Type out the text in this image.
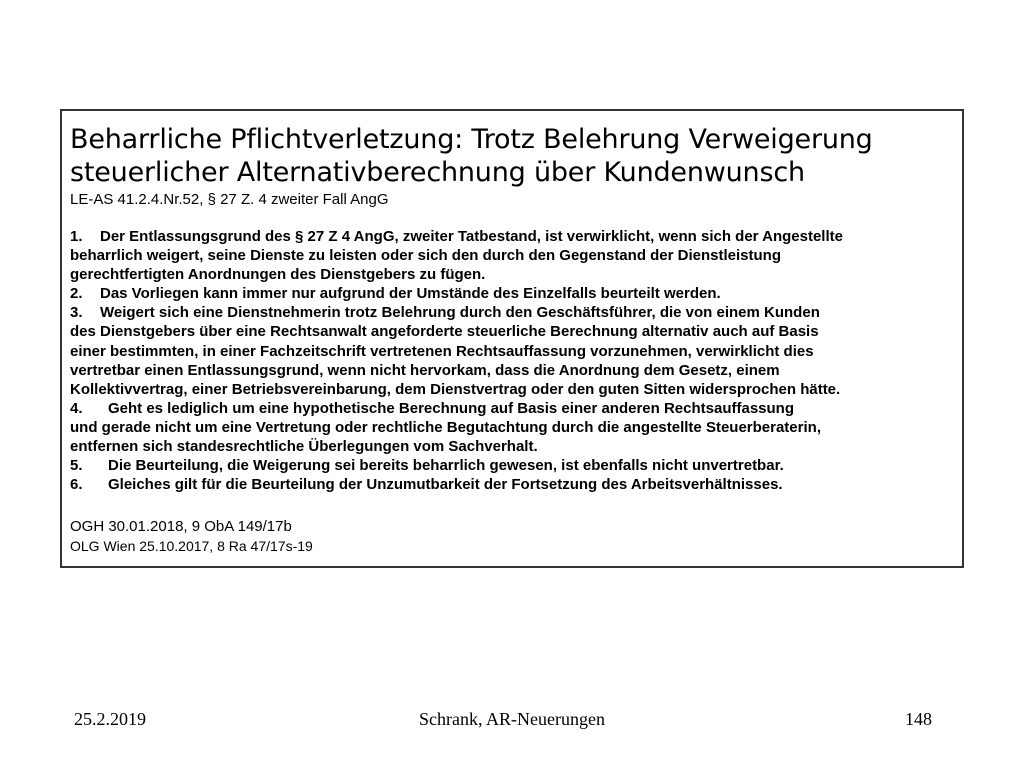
Beharrliche Pflichtverletzung: Trotz Belehrung Verweigerung
steuerlicher Alternativberechnung über Kundenwunsch
LE-AS 41.2.4.Nr.52, § 27 Z. 4 zweiter Fall AngG
1. Der Entlassungsgrund des § 27 Z 4 AngG, zweiter Tatbestand, ist verwirklicht, wenn sich der Angestellte
beharrlich weigert, seine Dienste zu leisten oder sich den durch den Gegenstand der Dienstleistung
gerechtfertigten Anordnungen des Dienstgebers zu fügen.
2. Das Vorliegen kann immer nur aufgrund der Umstände des Einzelfalls beurteilt werden.
3. Weigert sich eine Dienstnehmerin trotz Belehrung durch den Geschäftsführer, die von einem Kunden
des Dienstgebers über eine Rechtsanwalt angeforderte steuerliche Berechnung alternativ auch auf Basis
einer bestimmten, in einer Fachzeitschrift vertretenen Rechtsauffassung vorzunehmen, verwirklicht dies
vertretbar einen Entlassungsgrund, wenn nicht hervorkam, dass die Anordnung dem Gesetz, einem
Kollektivvertrag, einer Betriebsvereinbarung, dem Dienstvertrag oder den guten Sitten widersprochen hätte.
4. Geht es lediglich um eine hypothetische Berechnung auf Basis einer anderen Rechtsauffassung
und gerade nicht um eine Vertretung oder rechtliche Begutachtung durch die angestellte Steuerberaterin,
entfernen sich standesrechtliche Überlegungen vom Sachverhalt.
5. Die Beurteilung, die Weigerung sei bereits beharrlich gewesen, ist ebenfalls nicht unvertretbar.
6. Gleiches gilt für die Beurteilung der Unzumutbarkeit der Fortsetzung des Arbeitsverhältnisses.
OGH 30.01.2018, 9 ObA 149/17b
OLG Wien 25.10.2017, 8 Ra 47/17s-19
25.2.2019	Schrank, AR-Neuerungen	148
